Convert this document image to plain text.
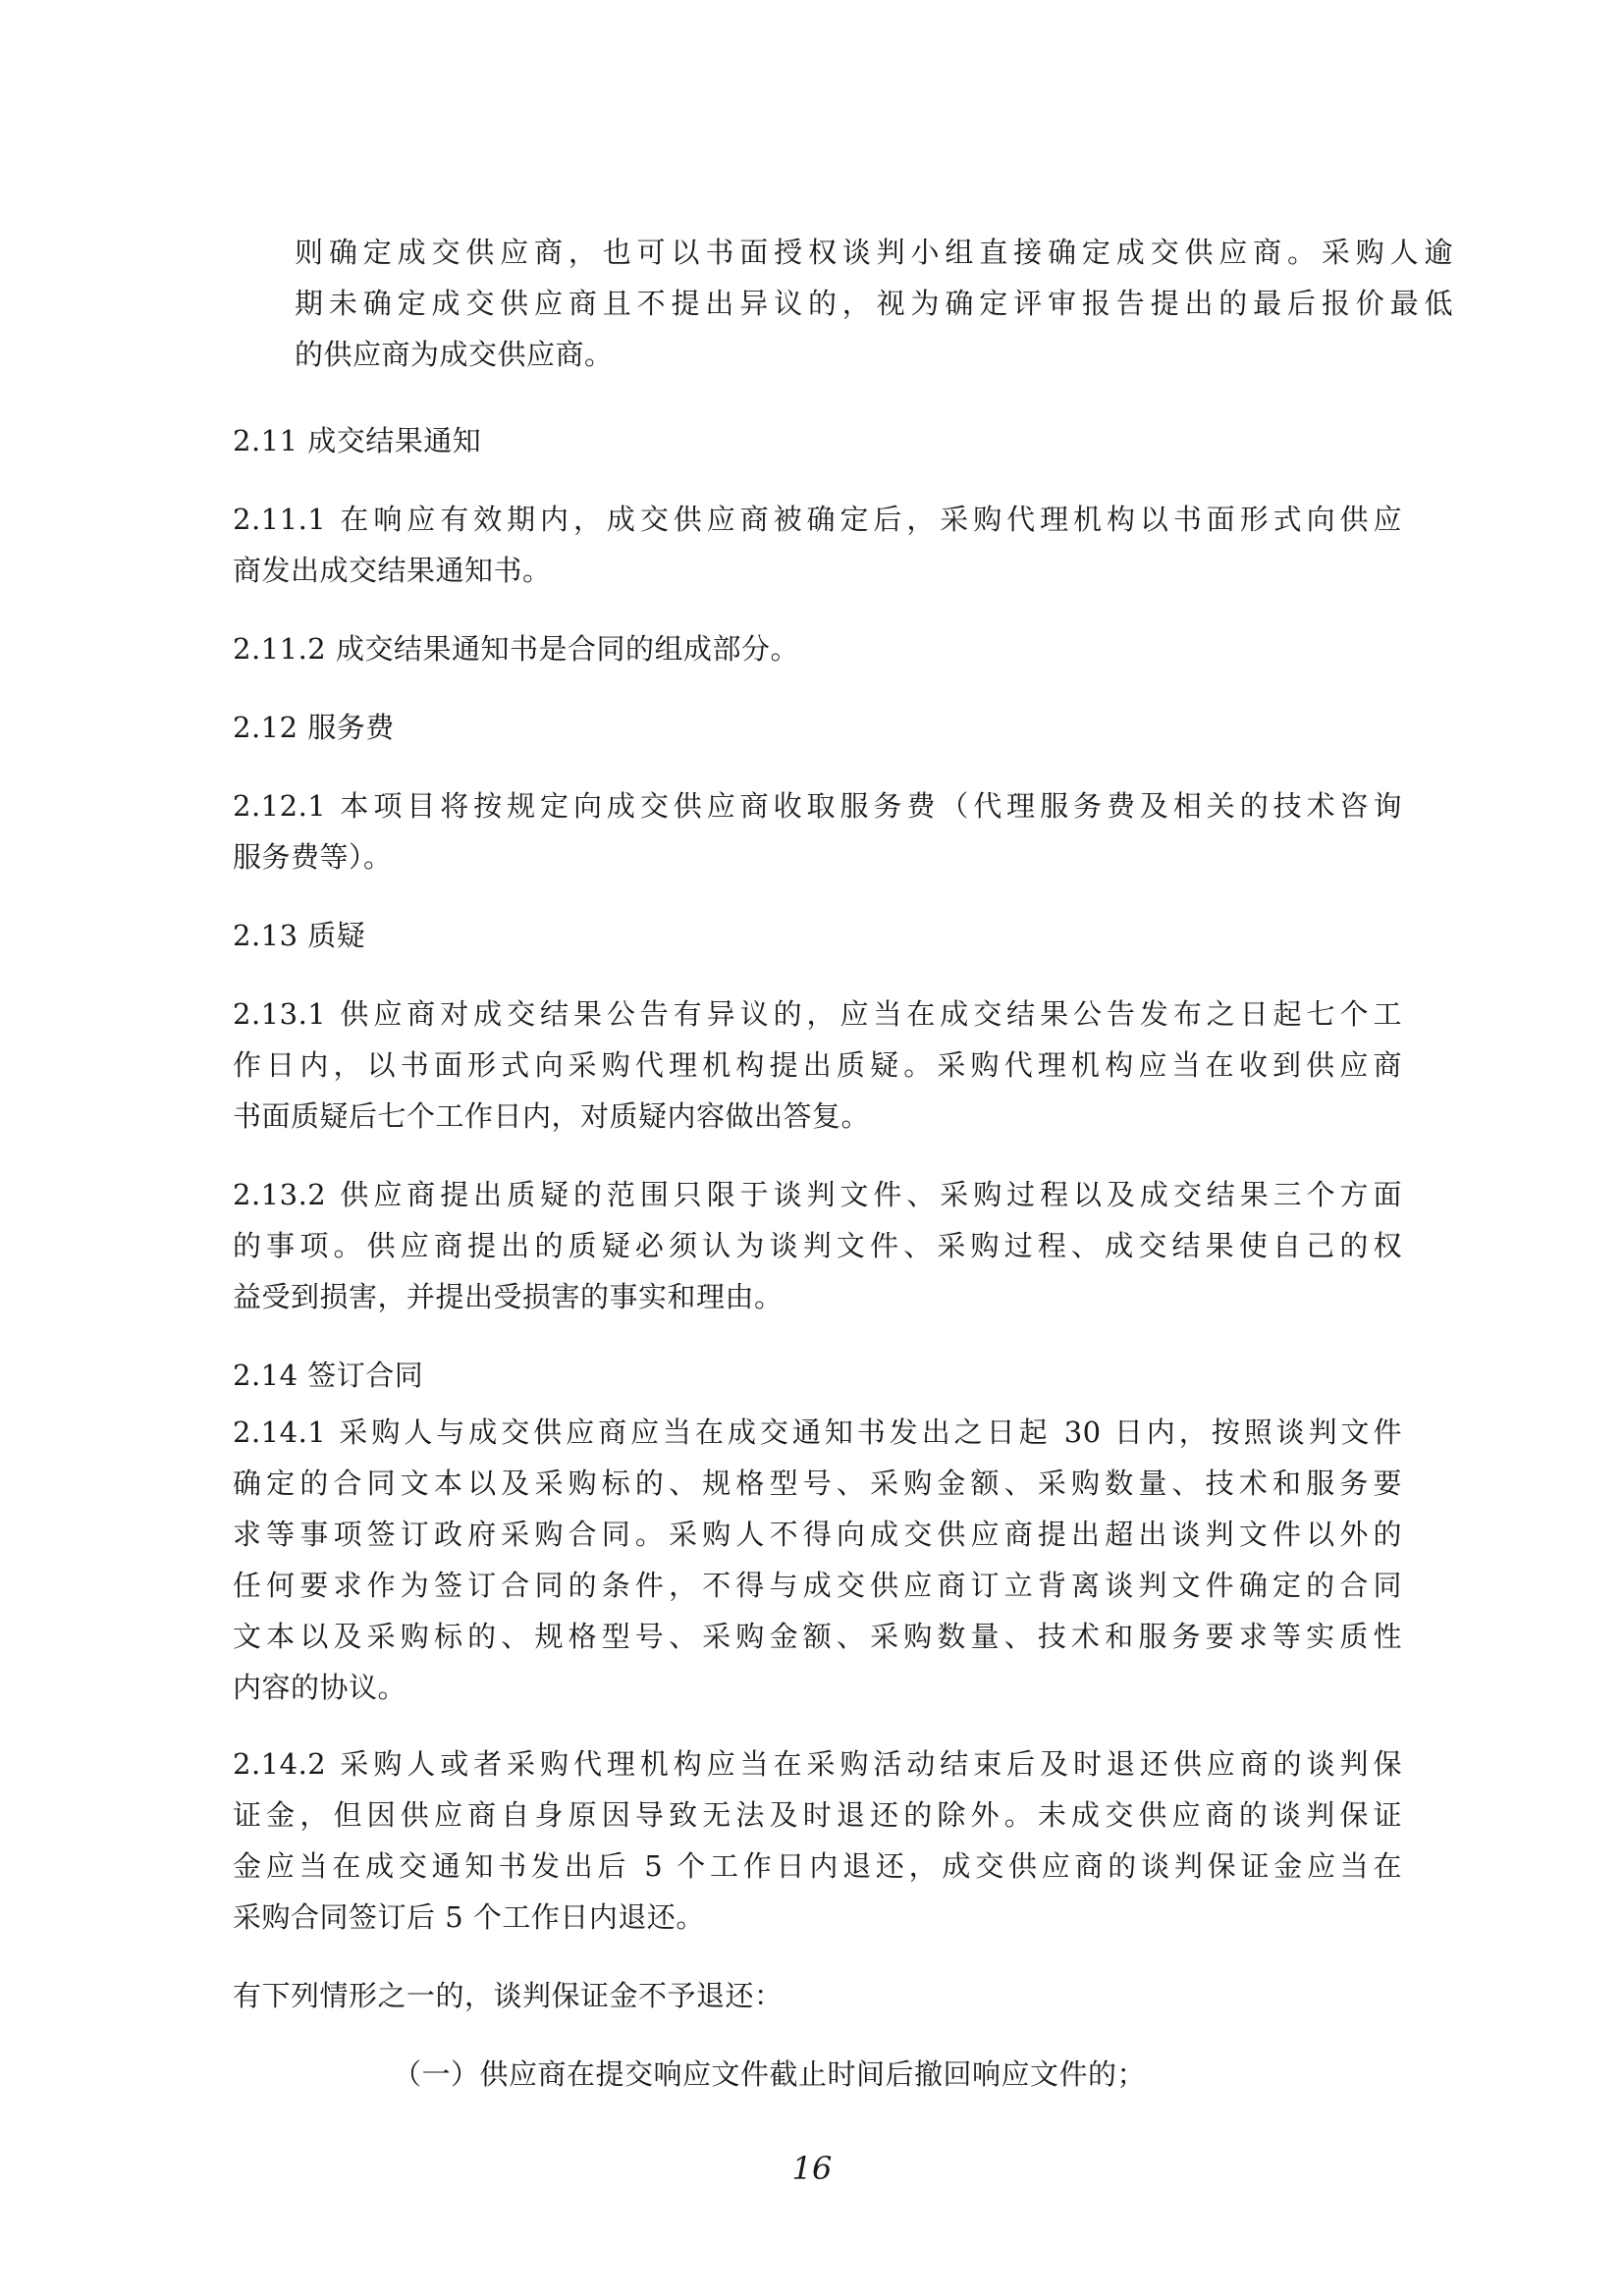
则确定成交供应商，也可以书面授权谈判小组直接确定成交供应商。采购人逾
期未确定成交供应商且不提出异议的，视为确定评审报告提出的最后报价最低
的供应商为成交供应商。
2.11 成交结果通知
2.11.1 在响应有效期内，成交供应商被确定后，采购代理机构以书面形式向供应
商发出成交结果通知书。
2.11.2 成交结果通知书是合同的组成部分。
2.12 服务费
2.12.1 本项目将按规定向成交供应商收取服务费（代理服务费及相关的技术咨询
服务费等）。
2.13 质疑
2.13.1 供应商对成交结果公告有异议的，应当在成交结果公告发布之日起七个工
作日内，以书面形式向采购代理机构提出质疑。采购代理机构应当在收到供应商
书面质疑后七个工作日内，对质疑内容做出答复。
2.13.2 供应商提出质疑的范围只限于谈判文件、采购过程以及成交结果三个方面
的事项。供应商提出的质疑必须认为谈判文件、采购过程、成交结果使自己的权
益受到损害，并提出受损害的事实和理由。
2.14 签订合同
2.14.1 采购人与成交供应商应当在成交通知书发出之日起 30 日内，按照谈判文件
确定的合同文本以及采购标的、规格型号、采购金额、采购数量、技术和服务要
求等事项签订政府采购合同。采购人不得向成交供应商提出超出谈判文件以外的
任何要求作为签订合同的条件，不得与成交供应商订立背离谈判文件确定的合同
文本以及采购标的、规格型号、采购金额、采购数量、技术和服务要求等实质性
内容的协议。
2.14.2 采购人或者采购代理机构应当在采购活动结束后及时退还供应商的谈判保
证金，但因供应商自身原因导致无法及时退还的除外。未成交供应商的谈判保证
金应当在成交通知书发出后 5 个工作日内退还，成交供应商的谈判保证金应当在
采购合同签订后 5 个工作日内退还。
有下列情形之一的，谈判保证金不予退还：
（一）供应商在提交响应文件截止时间后撤回响应文件的；
16
